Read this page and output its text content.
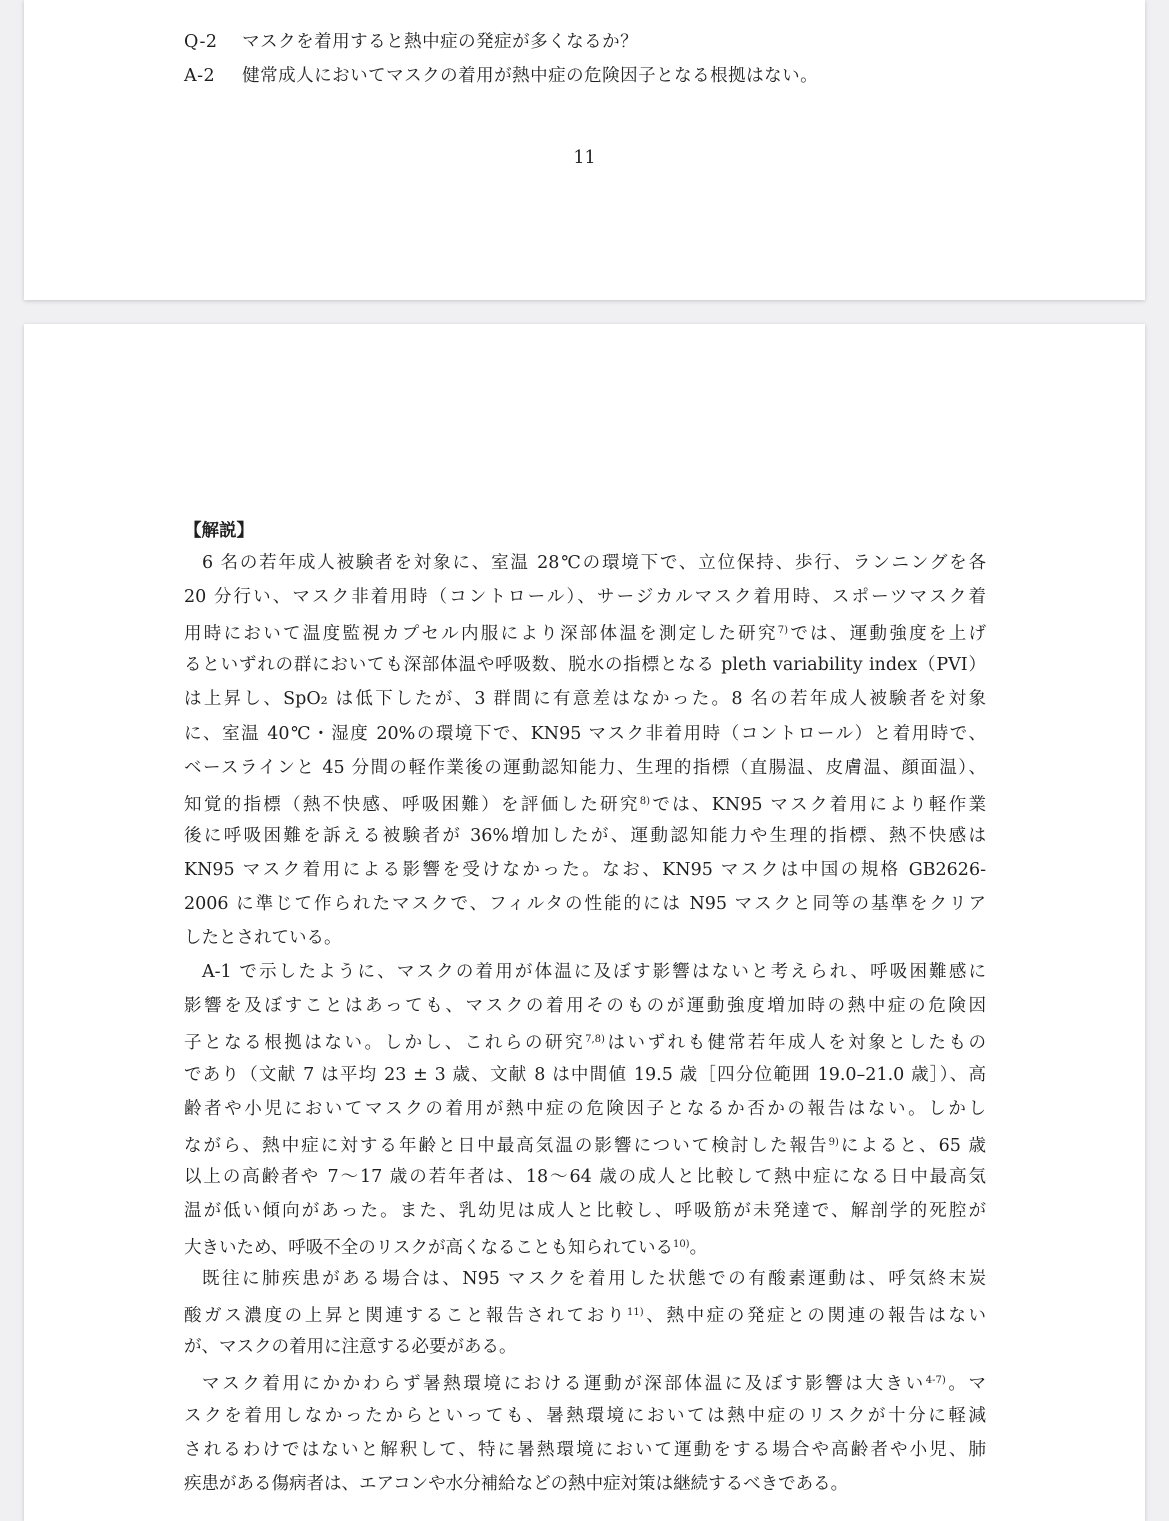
Q-2 マスクを着用すると熱中症の発症が多くなるか？
A-2 健常成人においてマスクの着用が熱中症の危険因子となる根拠はない。
11
【解説】
6 名の若年成人被験者を対象に、室温 28℃の環境下で、立位保持、歩行、ランニングを各
20 分行い、マスク非着用時（コントロール）、サージカルマスク着用時、スポーツマスク着
用時において温度監視カプセル内服により深部体温を測定した研究$^{7)}$では、運動強度を上げ
るといずれの群においても深部体温や呼吸数、脱水の指標となる pleth variability index（PVI）
は上昇し、SpO₂ は低下したが、3 群間に有意差はなかった。8 名の若年成人被験者を対象
に、室温 40℃・湿度 20%の環境下で、KN95 マスク非着用時（コントロール）と着用時で、
ベースラインと 45 分間の軽作業後の運動認知能力、生理的指標（直腸温、皮膚温、顔面温）、
知覚的指標（熱不快感、呼吸困難）を評価した研究$^{8)}$では、KN95 マスク着用により軽作業
後に呼吸困難を訴える被験者が 36%増加したが、運動認知能力や生理的指標、熱不快感は
KN95 マスク着用による影響を受けなかった。なお、KN95 マスクは中国の規格 GB2626-
2006 に準じて作られたマスクで、フィルタの性能的には N95 マスクと同等の基準をクリア
したとされている。
A-1 で示したように、マスクの着用が体温に及ぼす影響はないと考えられ、呼吸困難感に
影響を及ぼすことはあっても、マスクの着用そのものが運動強度増加時の熱中症の危険因
子となる根拠はない。しかし、これらの研究$^{7,8)}$はいずれも健常若年成人を対象としたもの
であり（文献 7 は平均 23 ± 3 歳、文献 8 は中間値 19.5 歳［四分位範囲 19.0–21.0 歳］）、高
齢者や小児においてマスクの着用が熱中症の危険因子となるか否かの報告はない。しかし
ながら、熱中症に対する年齢と日中最高気温の影響について検討した報告$^{9)}$によると、65 歳
以上の高齢者や 7〜17 歳の若年者は、18〜64 歳の成人と比較して熱中症になる日中最高気
温が低い傾向があった。また、乳幼児は成人と比較し、呼吸筋が未発達で、解剖学的死腔が
大きいため、呼吸不全のリスクが高くなることも知られている$^{10)}$。
既往に肺疾患がある場合は、N95 マスクを着用した状態での有酸素運動は、呼気終末炭
酸ガス濃度の上昇と関連すること報告されており$^{11)}$、熱中症の発症との関連の報告はない
が、マスクの着用に注意する必要がある。
マスク着用にかかわらず暑熱環境における運動が深部体温に及ぼす影響は大きい$^{4-7)}$。マ
スクを着用しなかったからといっても、暑熱環境においては熱中症のリスクが十分に軽減
されるわけではないと解釈して、特に暑熱環境において運動をする場合や高齢者や小児、肺
疾患がある傷病者は、エアコンや水分補給などの熱中症対策は継続するべきである。
